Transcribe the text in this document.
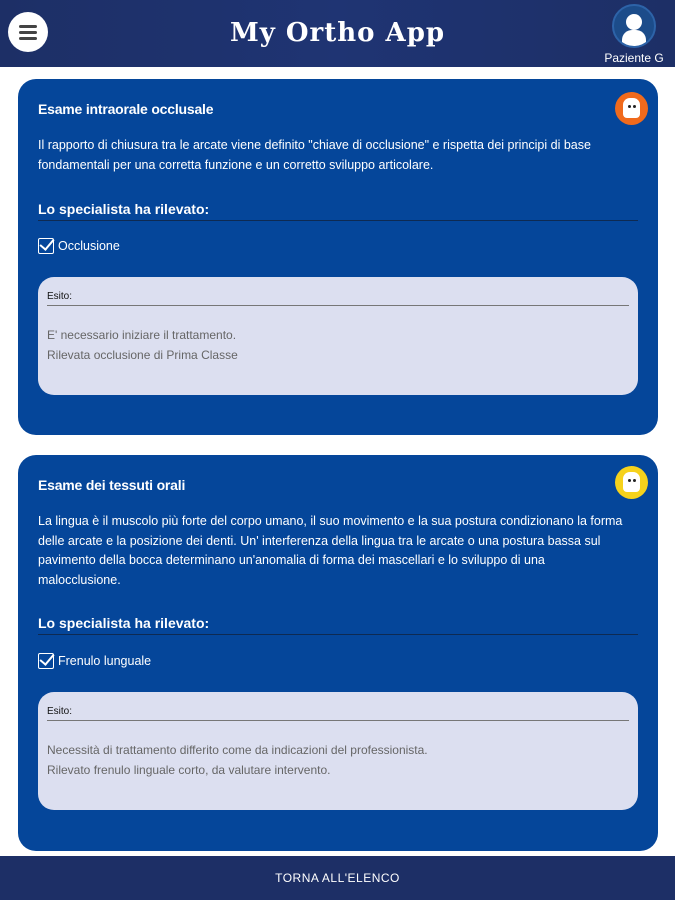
My Ortho App
Paziente G
Esame intraorale occlusale
Il rapporto di chiusura tra le arcate viene definito "chiave di occlusione" e rispetta dei principi di base fondamentali per una corretta funzione e un corretto sviluppo articolare.
Lo specialista ha rilevato:
Occlusione
Esito:
E' necessario iniziare il trattamento.
Rilevata occlusione di Prima Classe
Esame dei tessuti orali
La lingua è il muscolo più forte del corpo umano, il suo movimento e la sua postura condizionano la forma delle arcate e la posizione dei denti. Un' interferenza della lingua tra le arcate o una postura bassa sul pavimento della bocca determinano un'anomalia di forma dei mascellari e lo sviluppo di una malocclusione.
Lo specialista ha rilevato:
Frenulo lunguale
Esito:
Necessità di trattamento differito come da indicazioni del professionista.
Rilevato frenulo linguale corto, da valutare intervento.
TORNA ALL'ELENCO
